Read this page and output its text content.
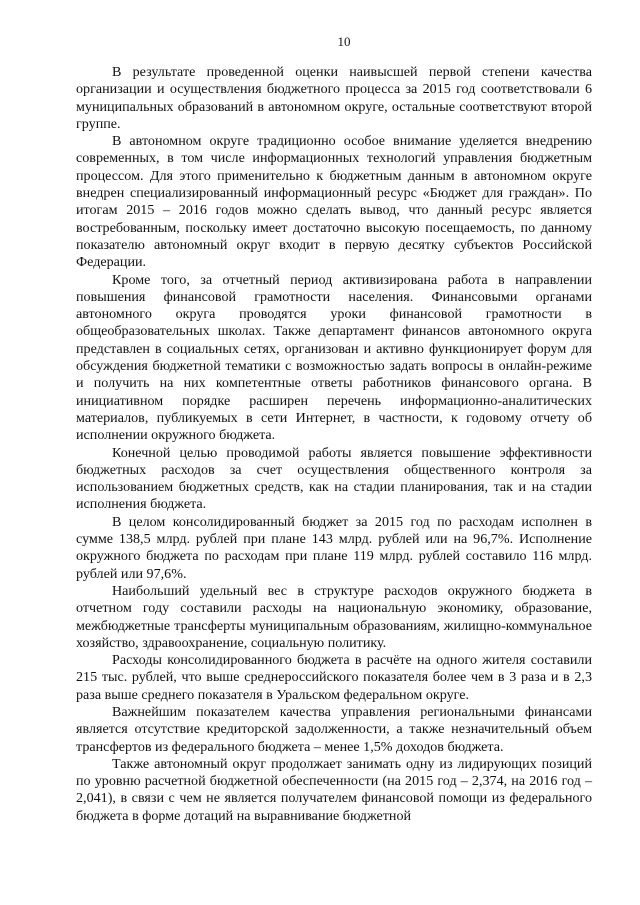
10

В результате проведенной оценки наивысшей первой степени качества организации и осуществления бюджетного процесса за 2015 год соответствовали 6 муниципальных образований в автономном округе, остальные соответствуют второй группе.

В автономном округе традиционно особое внимание уделяется внедрению современных, в том числе информационных технологий управления бюджетным процессом. Для этого применительно к бюджетным данным в автономном округе внедрен специализированный информационный ресурс «Бюджет для граждан». По итогам 2015 – 2016 годов можно сделать вывод, что данный ресурс является востребованным, поскольку имеет достаточно высокую посещаемость, по данному показателю автономный округ входит в первую десятку субъектов Российской Федерации.

Кроме того, за отчетный период активизирована работа в направлении повышения финансовой грамотности населения. Финансовыми органами автономного округа проводятся уроки финансовой грамотности в общеобразовательных школах. Также департамент финансов автономного округа представлен в социальных сетях, организован и активно функционирует форум для обсуждения бюджетной тематики с возможностью задать вопросы в онлайн-режиме и получить на них компетентные ответы работников финансового органа. В инициативном порядке расширен перечень информационно-аналитических материалов, публикуемых в сети Интернет, в частности, к годовому отчету об исполнении окружного бюджета.

Конечной целью проводимой работы является повышение эффективности бюджетных расходов за счет осуществления общественного контроля за использованием бюджетных средств, как на стадии планирования, так и на стадии исполнения бюджета.

В целом консолидированный бюджет за 2015 год по расходам исполнен в сумме 138,5 млрд. рублей при плане 143 млрд. рублей или на 96,7%. Исполнение окружного бюджета по расходам при плане 119 млрд. рублей составило 116 млрд. рублей или 97,6%.

Наибольший удельный вес в структуре расходов окружного бюджета в отчетном году составили расходы на национальную экономику, образование, межбюджетные трансферты муниципальным образованиям, жилищно-коммунальное хозяйство, здравоохранение, социальную политику.

Расходы консолидированного бюджета в расчёте на одного жителя составили 215 тыс. рублей, что выше среднероссийского показателя более чем в 3 раза и в 2,3 раза выше среднего показателя в Уральском федеральном округе.

Важнейшим показателем качества управления региональными финансами является отсутствие кредиторской задолженности, а также незначительный объем трансфертов из федерального бюджета – менее 1,5% доходов бюджета.

Также автономный округ продолжает занимать одну из лидирующих позиций по уровню расчетной бюджетной обеспеченности (на 2015 год – 2,374, на 2016 год – 2,041), в связи с чем не является получателем финансовой помощи из федерального бюджета в форме дотаций на выравнивание бюджетной
